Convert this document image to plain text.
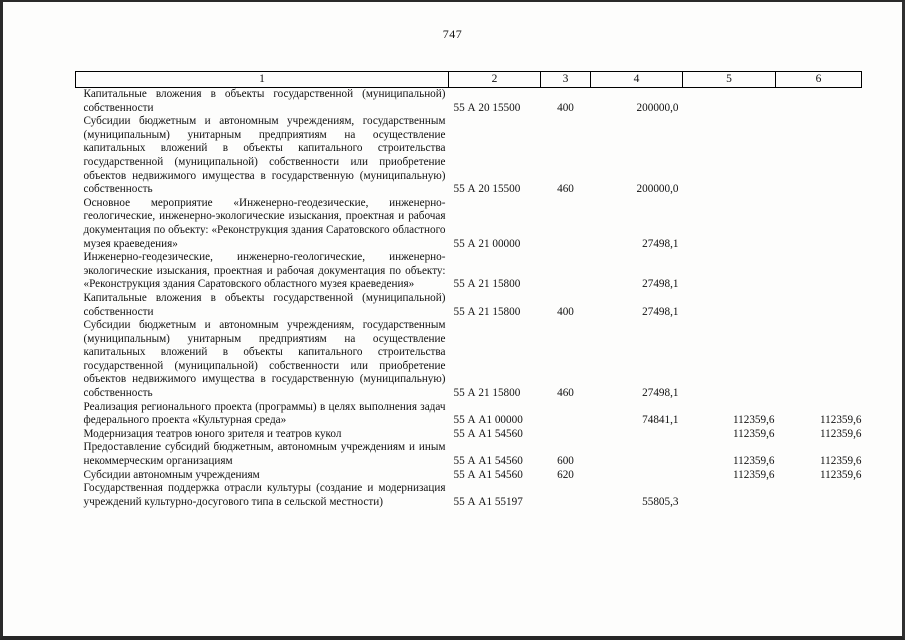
747
1	2	3	4	5	6
Капитальные вложения в объекты государственной (муниципальной) собственности	55 А 20 15500	400	200000,0		
Субсидии бюджетным и автономным учреждениям, государственным (муниципальным) унитарным предприятиям на осуществление капитальных вложений в объекты капитального строительства государственной (муниципальной) собственности или приобретение объектов недвижимого имущества в государственную (муниципальную) собственность	55 А 20 15500	460	200000,0		
Основное мероприятие «Инженерно-геодезические, инженерно-геологические, инженерно-экологические изыскания, проектная и рабочая документация по объекту: «Реконструкция здания Саратовского областного музея краеведения»	55 А 21 00000		27498,1		
Инженерно-геодезические, инженерно-геологические, инженерно-экологические изыскания, проектная и рабочая документация по объекту: «Реконструкция здания Саратовского областного музея краеведения»	55 А 21 15800		27498,1		
Капитальные вложения в объекты государственной (муниципальной) собственности	55 А 21 15800	400	27498,1		
Субсидии бюджетным и автономным учреждениям, государственным (муниципальным) унитарным предприятиям на осуществление капитальных вложений в объекты капитального строительства государственной (муниципальной) собственности или приобретение объектов недвижимого имущества в государственную (муниципальную) собственность	55 А 21 15800	460	27498,1		
Реализация регионального проекта (программы) в целях выполнения задач федерального проекта «Культурная среда»	55 А А1 00000		74841,1	112359,6	112359,6
Модернизация театров юного зрителя и театров кукол	55 А А1 54560			112359,6	112359,6
Предоставление субсидий бюджетным, автономным учреждениям и иным некоммерческим организациям	55 А А1 54560	600		112359,6	112359,6
Субсидии автономным учреждениям	55 А А1 54560	620		112359,6	112359,6
Государственная поддержка отрасли культуры (создание и модернизация учреждений культурно-досугового типа в сельской местности)	55 А А1 55197		55805,3		
